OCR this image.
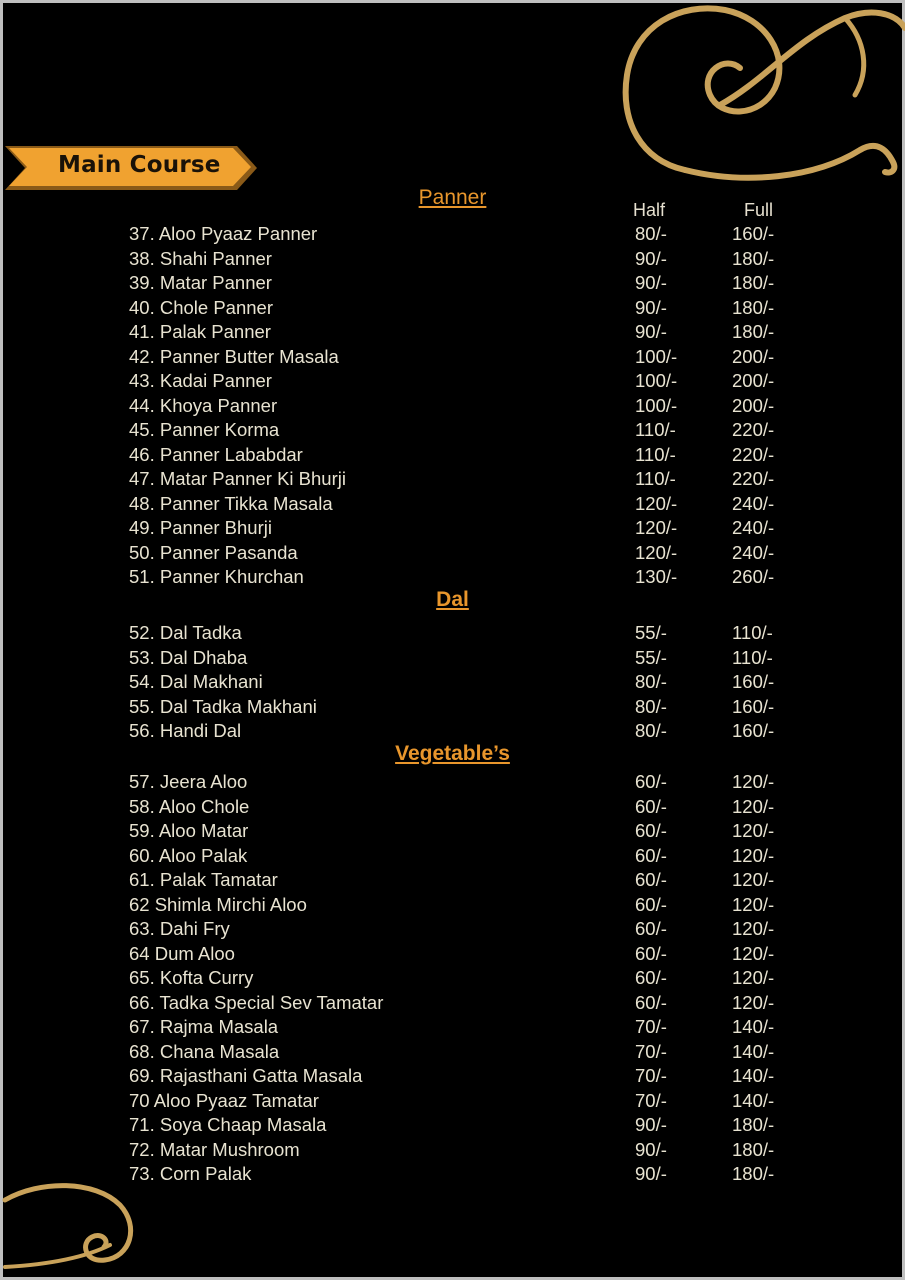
Main Course
Half	Full
Panner
Dal
Vegetable’s
37. Aloo Pyaaz Panner	80/-	160/-
38. Shahi Panner	90/-	180/-
39. Matar Panner	90/-	180/-
40. Chole Panner	90/-	180/-
41. Palak Panner	90/-	180/-
42. Panner Butter Masala	100/-	200/-
43. Kadai Panner	100/-	200/-
44. Khoya Panner	100/-	200/-
45. Panner Korma	110/-	220/-
46. Panner Lababdar	110/-	220/-
47. Matar Panner Ki Bhurji	110/-	220/-
48. Panner Tikka Masala	120/-	240/-
49. Panner Bhurji	120/-	240/-
50. Panner Pasanda	120/-	240/-
51. Panner Khurchan	130/-	260/-
52. Dal Tadka	55/-	110/-
53. Dal Dhaba	55/-	110/-
54. Dal Makhani	80/-	160/-
55. Dal Tadka Makhani	80/-	160/-
56. Handi Dal	80/-	160/-
57. Jeera Aloo	60/-	120/-
58. Aloo Chole	60/-	120/-
59. Aloo Matar	60/-	120/-
60. Aloo Palak	60/-	120/-
61. Palak Tamatar	60/-	120/-
62 Shimla Mirchi Aloo	60/-	120/-
63. Dahi Fry	60/-	120/-
64 Dum Aloo	60/-	120/-
65. Kofta Curry	60/-	120/-
66. Tadka Special Sev Tamatar	60/-	120/-
67. Rajma Masala	70/-	140/-
68. Chana Masala	70/-	140/-
69. Rajasthani Gatta Masala	70/-	140/-
70 Aloo Pyaaz Tamatar	70/-	140/-
71. Soya Chaap Masala	90/-	180/-
72. Matar Mushroom	90/-	180/-
73. Corn Palak	90/-	180/-
